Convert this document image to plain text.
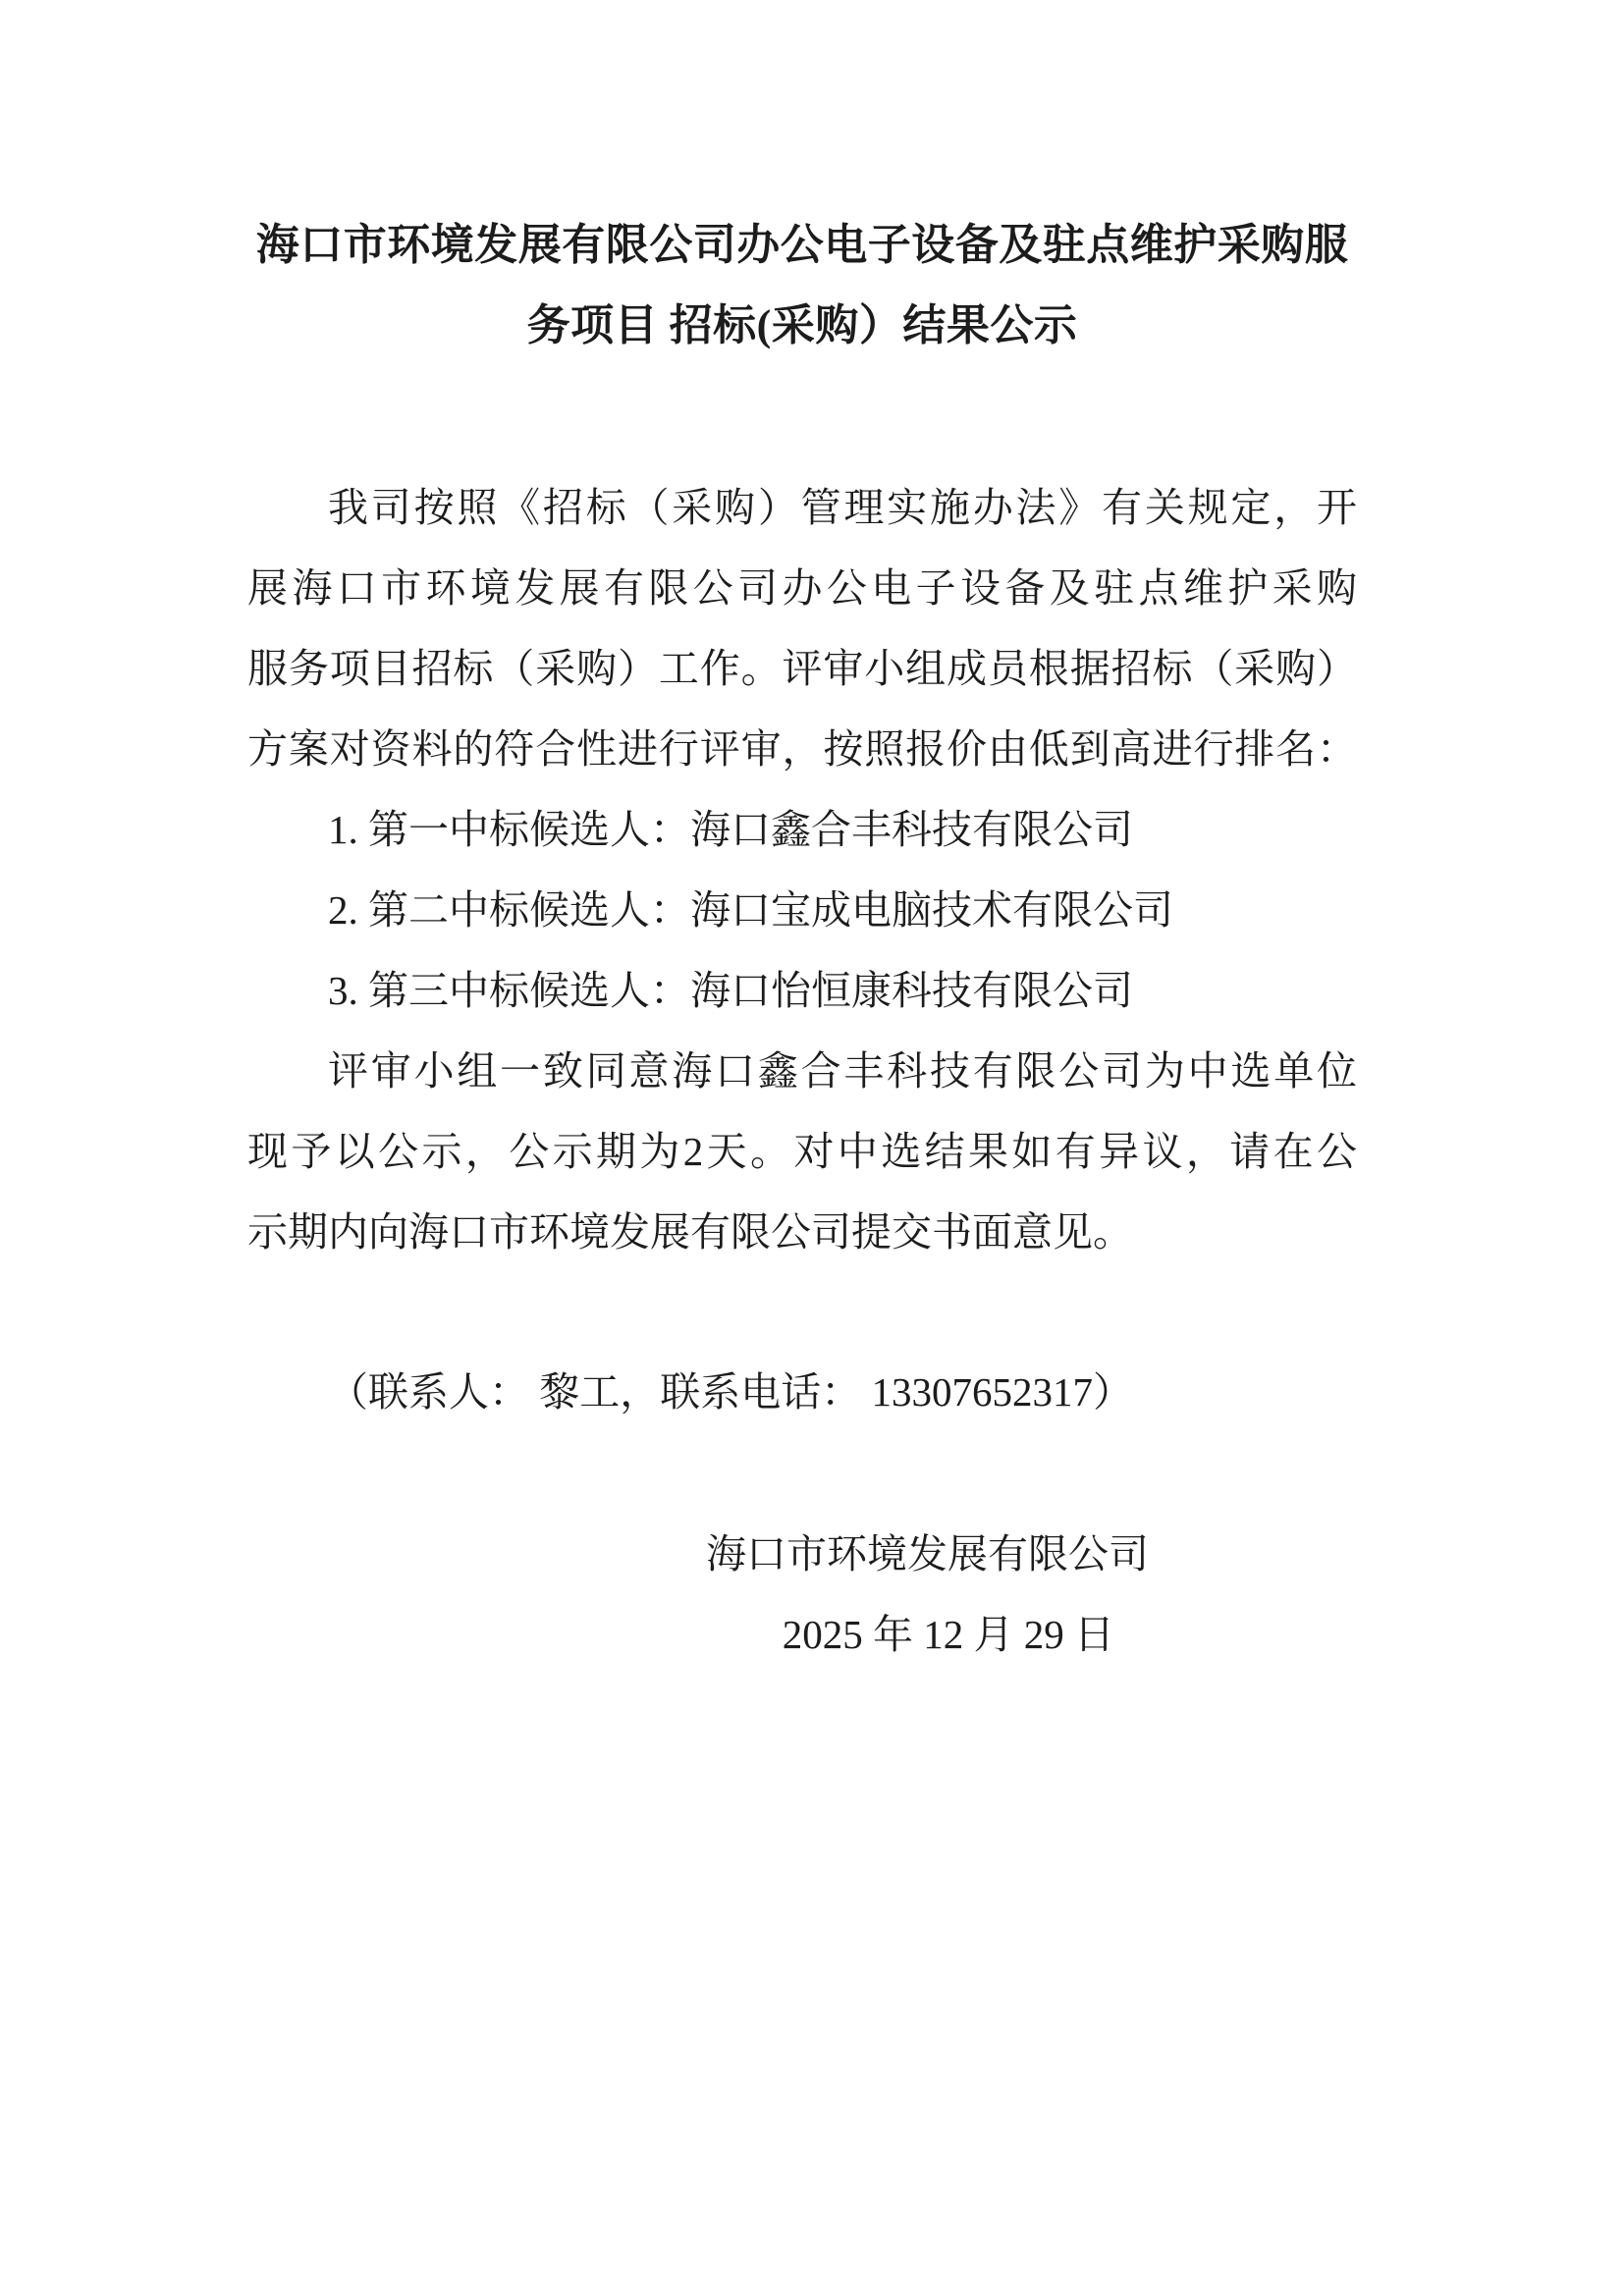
海口市环境发展有限公司办公电子设备及驻点维护采购服
务项目 招标(采购）结果公示
我司按照《招标（采购）管理实施办法》有关规定，开
展海口市环境发展有限公司办公电子设备及驻点维护采购
服务项目招标（采购）工作。评审小组成员根据招标（采购）
方案对资料的符合性进行评审，按照报价由低到高进行排名：
1. 第一中标候选人：海口鑫合丰科技有限公司
2. 第二中标候选人：海口宝成电脑技术有限公司
3. 第三中标候选人：海口怡恒康科技有限公司
评审小组一致同意海口鑫合丰科技有限公司为中选单位
现予以公示，公示期为2天。对中选结果如有异议，请在公
示期内向海口市环境发展有限公司提交书面意见。
（联系人： 黎工，联系电话： 13307652317）
海口市环境发展有限公司
2025 年 12 月 29 日
